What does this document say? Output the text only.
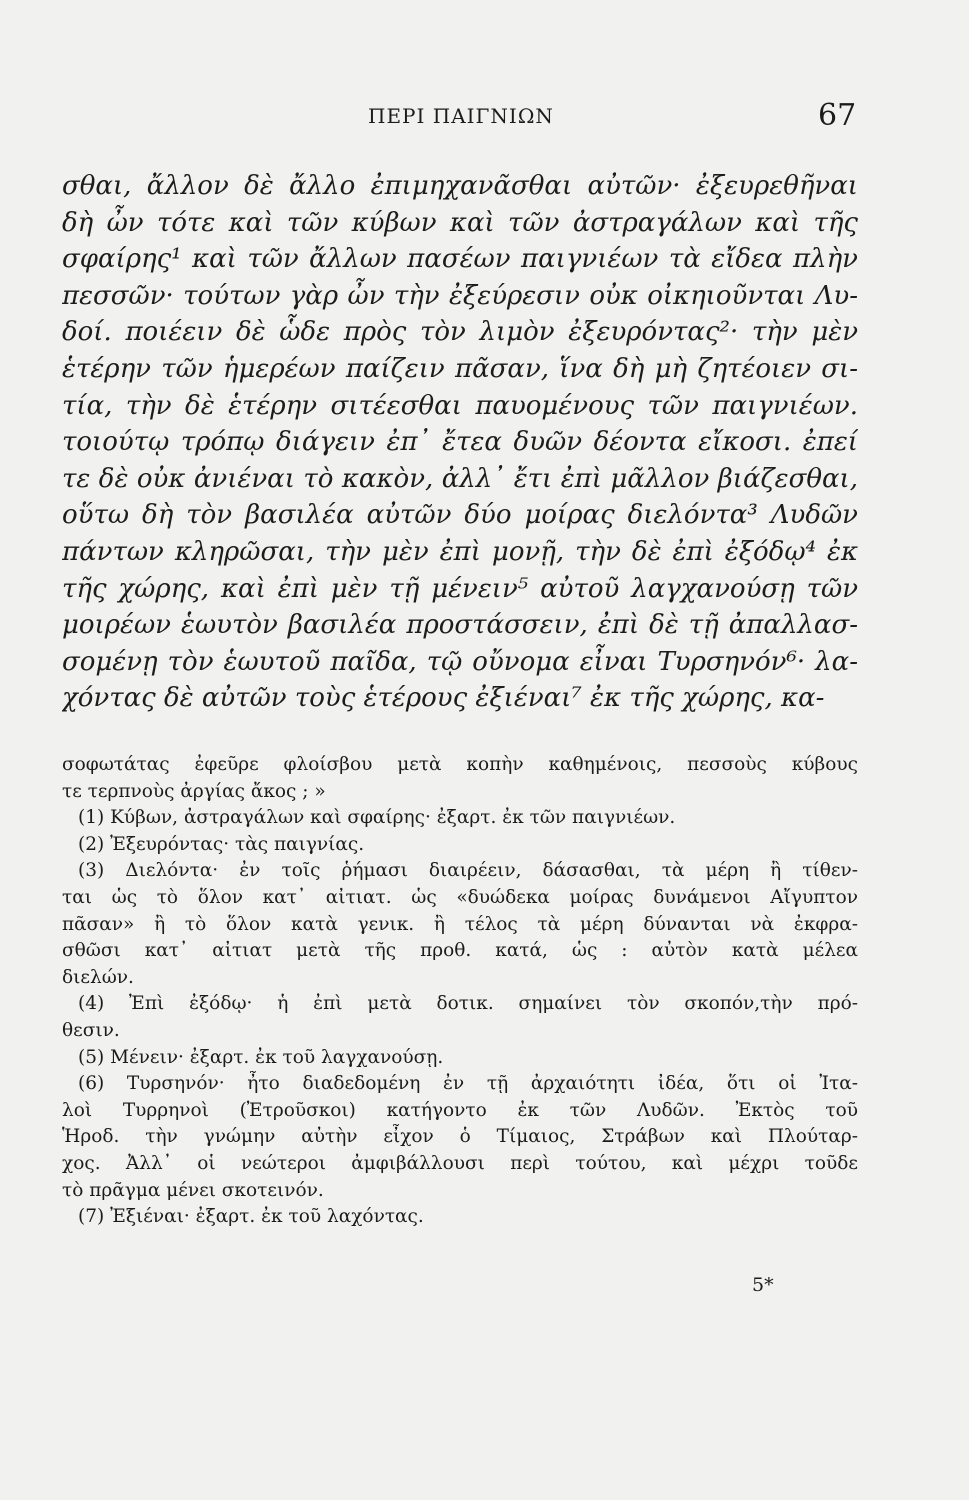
ΠΕΡΙ ΠΑΙΓΝΙΩΝ	67
σθαι, ἄλλον δὲ ἄλλο ἐπιμηχανᾶσθαι αὐτῶν· ἐξευρεθῆναι
δὴ ὦν τότε καὶ τῶν κύβων καὶ τῶν ἀστραγάλων καὶ τῆς
σφαίρης¹ καὶ τῶν ἄλλων πασέων παιγνιέων τὰ εἴδεα πλὴν
πεσσῶν· τούτων γὰρ ὦν τὴν ἐξεύρεσιν οὐκ οἰκηιοῦνται Λυ-
δοί. ποιέειν δὲ ὧδε πρὸς τὸν λιμὸν ἐξευρόντας²· τὴν μὲν
ἑτέρην τῶν ἡμερέων παίζειν πᾶσαν, ἵνα δὴ μὴ ζητέοιεν σι-
τία, τὴν δὲ ἑτέρην σιτέεσθαι παυομένους τῶν παιγνιέων.
τοιούτῳ τρόπῳ διάγειν ἐπ᾽ ἔτεα δυῶν δέοντα εἴκοσι. ἐπεί
τε δὲ οὐκ ἀνιέναι τὸ κακὸν, ἀλλ᾽ ἔτι ἐπὶ μᾶλλον βιάζεσθαι,
οὕτω δὴ τὸν βασιλέα αὐτῶν δύο μοίρας διελόντα³ Λυδῶν
πάντων κληρῶσαι, τὴν μὲν ἐπὶ μονῇ, τὴν δὲ ἐπὶ ἐξόδῳ⁴ ἐκ
τῆς χώρης, καὶ ἐπὶ μὲν τῇ μένειν⁵ αὐτοῦ λαγχανούσῃ τῶν
μοιρέων ἑωυτὸν βασιλέα προστάσσειν, ἐπὶ δὲ τῇ ἀπαλλασ-
σομένῃ τὸν ἑωυτοῦ παῖδα, τῷ οὔνομα εἶναι Τυρσηνόν⁶· λα-
χόντας δὲ αὐτῶν τοὺς ἑτέρους ἐξιέναι⁷ ἐκ τῆς χώρης, κα-
σοφωτάτας ἐφεῦρε φλοίσβου μετὰ κοπὴν καθημένοις, πεσσοὺς κύβους
τε τερπνοὺς ἀργίας ἄκος ; »
(1) Κύβων, ἀστραγάλων καὶ σφαίρης· ἐξαρτ. ἐκ τῶν παιγνιέων.
(2) Ἐξευρόντας· τὰς παιγνίας.
(3) Διελόντα· ἐν τοῖς ῥήμασι διαιρέειν, δάσασθαι, τὰ μέρη ἢ τίθεν-
ται ὡς τὸ ὅλον κατ᾽ αἰτιατ. ὡς «δυώδεκα μοίρας δυνάμενοι Αἴγυπτον
πᾶσαν» ἢ τὸ ὅλον κατὰ γενικ. ἢ τέλος τὰ μέρη δύνανται νὰ ἐκφρα-
σθῶσι κατ᾽ αἰτιατ μετὰ τῆς προθ. κατά, ὡς : αὐτὸν κατὰ μέλεα
διελών.
(4) Ἐπὶ ἐξόδῳ· ἡ ἐπὶ μετὰ δοτικ. σημαίνει τὸν σκοπόν,τὴν πρό-
θεσιν.
(5) Μένειν· ἐξαρτ. ἐκ τοῦ λαγχανούσῃ.
(6) Τυρσηνόν· ἦτο διαδεδομένη ἐν τῇ ἀρχαιότητι ἰδέα, ὅτι οἱ Ἰτα-
λοὶ Τυρρηνοὶ (Ἐτροῦσκοι) κατήγοντο ἐκ τῶν Λυδῶν. Ἐκτὸς τοῦ
Ἡροδ. τὴν γνώμην αὐτὴν εἶχον ὁ Τίμαιος, Στράβων καὶ Πλούταρ-
χος. Ἀλλ᾽ οἱ νεώτεροι ἀμφιβάλλουσι περὶ τούτου, καὶ μέχρι τοῦδε
τὸ πρᾶγμα μένει σκοτεινόν.
(7) Ἐξιέναι· ἐξαρτ. ἐκ τοῦ λαχόντας.
5*
